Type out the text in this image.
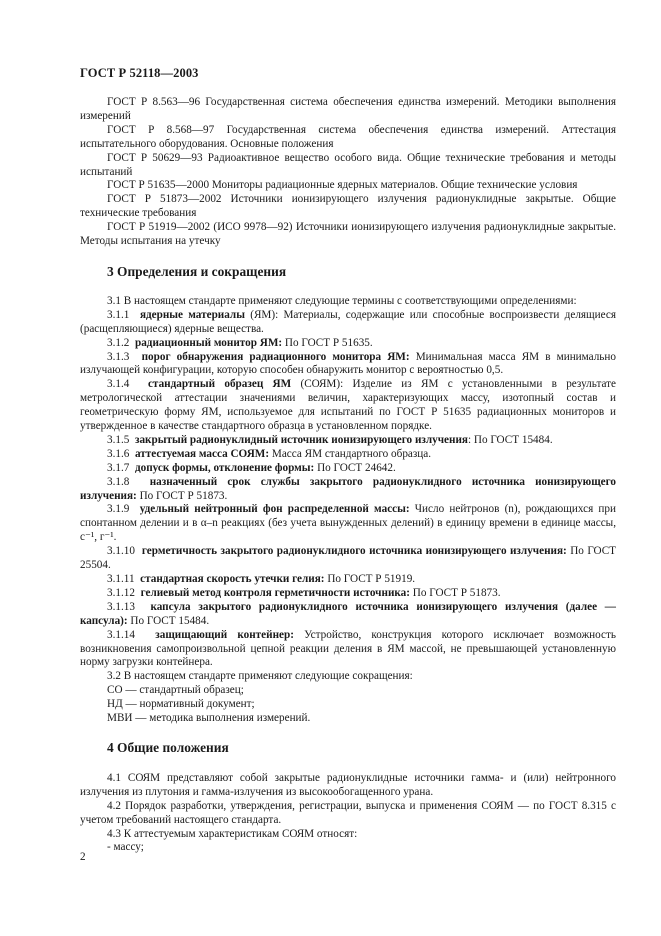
ГОСТ Р 52118—2003

ГОСТ Р 8.563—96 Государственная система обеспечения единства измерений. Методики выполнения измерений

ГОСТ Р 8.568—97 Государственная система обеспечения единства измерений. Аттестация испытательного оборудования. Основные положения

ГОСТ Р 50629—93 Радиоактивное вещество особого вида. Общие технические требования и методы испытаний

ГОСТ Р 51635—2000 Мониторы радиационные ядерных материалов. Общие технические условия

ГОСТ Р 51873—2002 Источники ионизирующего излучения радионуклидные закрытые. Общие технические требования

ГОСТ Р 51919—2002 (ИСО 9978—92) Источники ионизирующего излучения радионуклидные закрытые. Методы испытания на утечку

3 Определения и сокращения

3.1 В настоящем стандарте применяют следующие термины с соответствующими определениями:

3.1.1 ядерные материалы (ЯМ): Материалы, содержащие или способные воспроизвести делящиеся (расщепляющиеся) ядерные вещества.

3.1.2 радиационный монитор ЯМ: По ГОСТ Р 51635.

3.1.3 порог обнаружения радиационного монитора ЯМ: Минимальная масса ЯМ в минимально излучающей конфигурации, которую способен обнаружить монитор с вероятностью 0,5.

3.1.4 стандартный образец ЯМ (СОЯМ): Изделие из ЯМ с установленными в результате метрологической аттестации значениями величин, характеризующих массу, изотопный состав и геометрическую форму ЯМ, используемое для испытаний по ГОСТ Р 51635 радиационных мониторов и утвержденное в качестве стандартного образца в установленном порядке.

3.1.5 закрытый радионуклидный источник ионизирующего излучения: По ГОСТ 15484.

3.1.6 аттестуемая масса СОЯМ: Масса ЯМ стандартного образца.

3.1.7 допуск формы, отклонение формы: По ГОСТ 24642.

3.1.8 назначенный срок службы закрытого радионуклидного источника ионизирующего излучения: По ГОСТ Р 51873.

3.1.9 удельный нейтронный фон распределенной массы: Число нейтронов (n), рождающихся при спонтанном делении и в α–n реакциях (без учета вынужденных делений) в единицу времени в единице массы, с⁻¹, г⁻¹.

3.1.10 герметичность закрытого радионуклидного источника ионизирующего излучения: По ГОСТ 25504.

3.1.11 стандартная скорость утечки гелия: По ГОСТ Р 51919.

3.1.12 гелиевый метод контроля герметичности источника: По ГОСТ Р 51873.

3.1.13 капсула закрытого радионуклидного источника ионизирующего излучения (далее — капсула): По ГОСТ 15484.

3.1.14 защищающий контейнер: Устройство, конструкция которого исключает возможность возникновения самопроизвольной цепной реакции деления в ЯМ массой, не превышающей установленную норму загрузки контейнера.

3.2 В настоящем стандарте применяют следующие сокращения:

СО — стандартный образец;

НД — нормативный документ;

МВИ — методика выполнения измерений.

4 Общие положения

4.1 СОЯМ представляют собой закрытые радионуклидные источники гамма- и (или) нейтронного излучения из плутония и гамма-излучения из высокообогащенного урана.

4.2 Порядок разработки, утверждения, регистрации, выпуска и применения СОЯМ — по ГОСТ 8.315 с учетом требований настоящего стандарта.

4.3 К аттестуемым характеристикам СОЯМ относят:

- массу;

2
